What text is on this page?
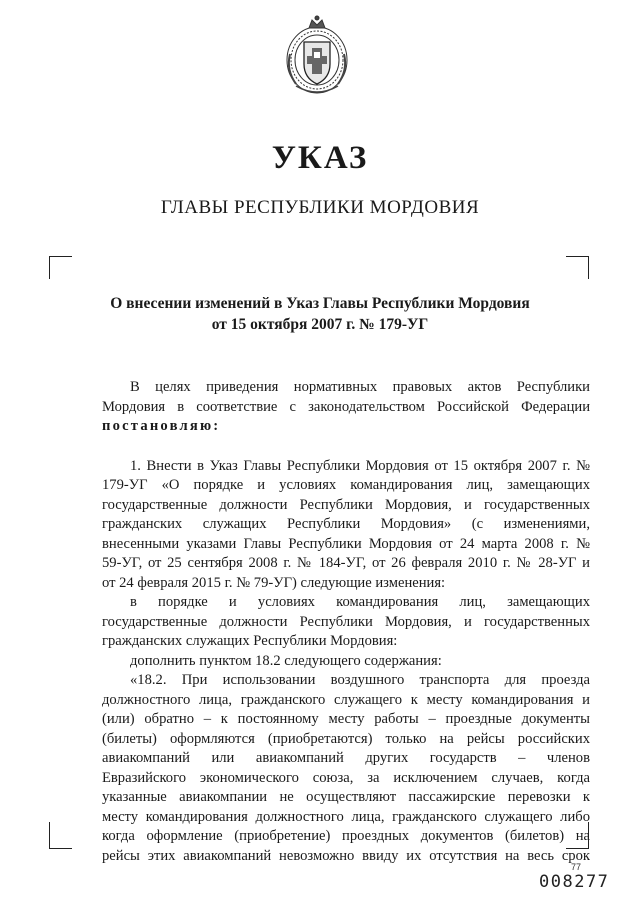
УКАЗ
ГЛАВЫ РЕСПУБЛИКИ МОРДОВИЯ
О внесении изменений в Указ Главы Республики Мордовия
от 15 октября 2007 г. № 179-УГ

В целях приведения нормативных правовых актов Республики
Мордовия в соответствие с законодательством Российской Федерации
постановляю:

1. Внести в Указ Главы Республики Мордовия от 15 октября 2007 г. №
179-УГ «О порядке и условиях командирования лиц, замещающих
государственные должности Республики Мордовия, и государственных
гражданских служащих Республики Мордовия» (с изменениями,
внесенными указами Главы Республики Мордовия от 24 марта 2008 г. №
59-УГ, от 25 сентября 2008 г. № 184-УГ, от 26 февраля 2010 г. № 28-УГ и
от 24 февраля 2015 г. № 79-УГ) следующие изменения:

в порядке и условиях командирования лиц, замещающих
государственные должности Республики Мордовия, и государственных
гражданских служащих Республики Мордовия:

дополнить пунктом 18.2 следующего содержания:

«18.2. При использовании воздушного транспорта для проезда
должностного лица, гражданского служащего к месту командирования и
(или) обратно – к постоянному месту работы – проездные документы
(билеты) оформляются (приобретаются) только на рейсы российских
авиакомпаний или авиакомпаний других государств – членов
Евразийского экономического союза, за исключением случаев, когда
указанные авиакомпании не осуществляют пассажирские перевозки к
месту командирования должностного лица, гражданского служащего либо
когда оформление (приобретение) проездных документов (билетов) на
рейсы этих авиакомпаний невозможно ввиду их отсутствия на весь срок

77
008277
